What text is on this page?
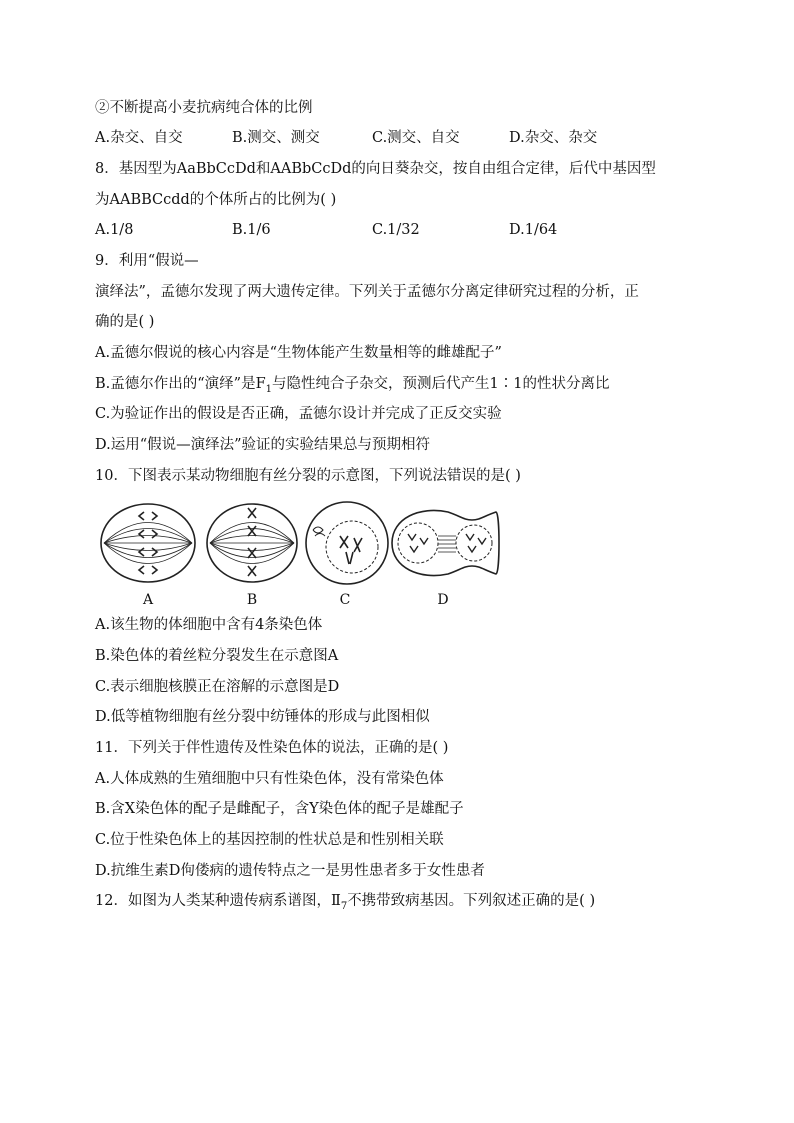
②不断提高小麦抗病纯合体的比例
A.杂交、自交	B.测交、测交	C.测交、自交	D.杂交、杂交
8．基因型为AaBbCcDd和AABbCcDd的向日葵杂交，按自由组合定律，后代中基因型
为AABBCcdd的个体所占的比例为( )
A.1/8	B.1/6	C.1/32	D.1/64
9．利用“假说—
演绎法”，孟德尔发现了两大遗传定律。下列关于孟德尔分离定律研究过程的分析，正
确的是( )
A.孟德尔假说的核心内容是“生物体能产生数量相等的雌雄配子”
B.孟德尔作出的“演绎”是$F_1$与隐性纯合子杂交，预测后代产生1∶1的性状分离比
C.为验证作出的假设是否正确，孟德尔设计并完成了正反交实验
D.运用“假说—演绎法”验证的实验结果总与预期相符
10．下图表示某动物细胞有丝分裂的示意图，下列说法错误的是( )
A	B	C	D
A.该生物的体细胞中含有4条染色体
B.染色体的着丝粒分裂发生在示意图A
C.表示细胞核膜正在溶解的示意图是D
D.低等植物细胞有丝分裂中纺锤体的形成与此图相似
11．下列关于伴性遗传及性染色体的说法，正确的是( )
A.人体成熟的生殖细胞中只有性染色体，没有常染色体
B.含X染色体的配子是雌配子，含Y染色体的配子是雄配子
C.位于性染色体上的基因控制的性状总是和性别相关联
D.抗维生素D佝偻病的遗传特点之一是男性患者多于女性患者
12．如图为人类某种遗传病系谱图，$Ⅱ_7$不携带致病基因。下列叙述正确的是( )
